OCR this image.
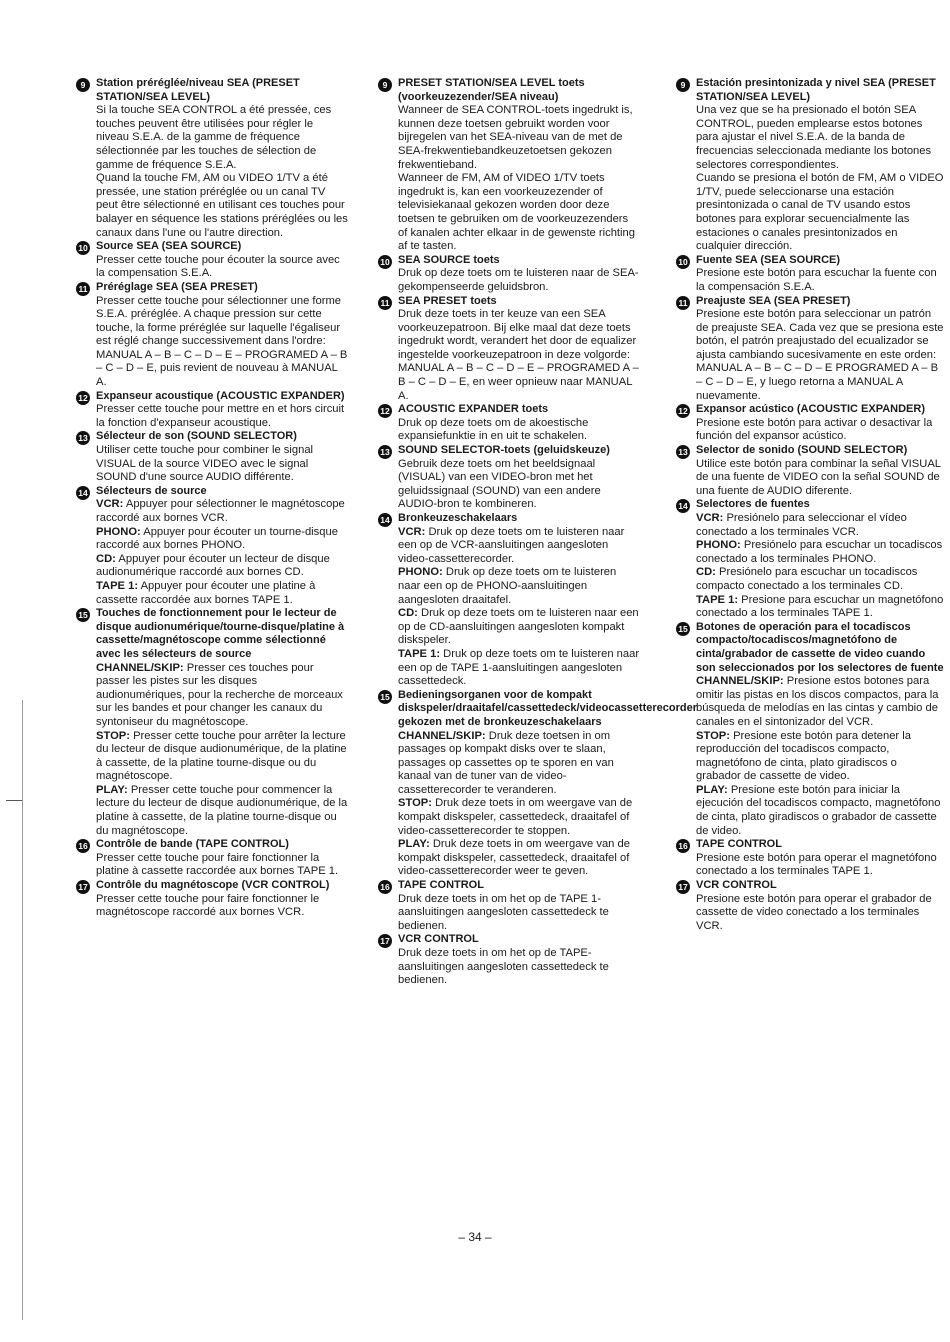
9 Station préréglée/niveau SEA (PRESET STATION/SEA LEVEL)
Si la touche SEA CONTROL a été pressée, ces touches peuvent être utilisées pour régler le niveau S.E.A. de la gamme de fréquence sélectionnée par les touches de sélection de gamme de fréquence S.E.A.
Quand la touche FM, AM ou VIDEO 1/TV a été pressée, une station préréglée ou un canal TV peut être sélectionné en utilisant ces touches pour balayer en séquence les stations préréglées ou les canaux dans l'une ou l'autre direction.
10 Source SEA (SEA SOURCE)
Presser cette touche pour écouter la source avec la compensation S.E.A.
11 Préréglage SEA (SEA PRESET)
Presser cette touche pour sélectionner une forme S.E.A. préréglée. A chaque pression sur cette touche, la forme préréglée sur laquelle l'égaliseur est réglé change successivement dans l'ordre: MANUAL A – B – C – D – E – PROGRAMED A – B – C – D – E, puis revient de nouveau à MANUAL A.
12 Expanseur acoustique (ACOUSTIC EXPANDER)
Presser cette touche pour mettre en et hors circuit la fonction d'expanseur acoustique.
13 Sélecteur de son (SOUND SELECTOR)
Utiliser cette touche pour combiner le signal VISUAL de la source VIDEO avec le signal SOUND d'une source AUDIO différente.
14 Sélecteurs de source
VCR: Appuyer pour sélectionner le magnétoscope raccordé aux bornes VCR.
PHONO: Appuyer pour écouter un tourne-disque raccordé aux bornes PHONO.
CD: Appuyer pour écouter un lecteur de disque audionumérique raccordé aux bornes CD.
TAPE 1: Appuyer pour écouter une platine à cassette raccordée aux bornes TAPE 1.
15 Touches de fonctionnement pour le lecteur de disque audionumérique/tourne-disque/platine à cassette/magnétoscope comme sélectionné avec les sélecteurs de source
CHANNEL/SKIP: Presser ces touches pour passer les pistes sur les disques audionumériques, pour la recherche de morceaux sur les bandes et pour changer les canaux du syntoniseur du magnétoscope.
STOP: Presser cette touche pour arrêter la lecture du lecteur de disque audionumérique, de la platine à cassette, de la platine tourne-disque ou du magnétoscope.
PLAY: Presser cette touche pour commencer la lecture du lecteur de disque audionumérique, de la platine à cassette, de la platine tourne-disque ou du magnétoscope.
16 Contrôle de bande (TAPE CONTROL)
Presser cette touche pour faire fonctionner la platine à cassette raccordée aux bornes TAPE 1.
17 Contrôle du magnétoscope (VCR CONTROL)
Presser cette touche pour faire fonctionner le magnétoscope raccordé aux bornes VCR.
9 PRESET STATION/SEA LEVEL toets (voorkeuzezender/SEA niveau)
Wanneer de SEA CONTROL-toets ingedrukt is, kunnen deze toetsen gebruikt worden voor bijregelen van het SEA-niveau van de met de SEA-frekwentiebandkeuzetoetsen gekozen frekwentieband.
Wanneer de FM, AM of VIDEO 1/TV toets ingedrukt is, kan een voorkeuzezender of televisiekanaal gekozen worden door deze toetsen te gebruiken om de voorkeuzezenders of kanalen achter elkaar in de gewenste richting af te tasten.
10 SEA SOURCE toets
Druk op deze toets om te luisteren naar de SEA-gekompenseerde geluidsbron.
11 SEA PRESET toets
Druk deze toets in ter keuze van een SEA voorkeuzepatroon. Bij elke maal dat deze toets ingedrukt wordt, verandert het door de equalizer ingestelde voorkeuzepatroon in deze volgorde: MANUAL A – B – C – D – E – PROGRAMED A – B – C – D – E, en weer opnieuw naar MANUAL A.
12 ACOUSTIC EXPANDER toets
Druk op deze toets om de akoestische expansiefunktie in en uit te schakelen.
13 SOUND SELECTOR-toets (geluidskeuze)
Gebruik deze toets om het beeldsignaal (VISUAL) van een VIDEO-bron met het geluidssignaal (SOUND) van een andere AUDIO-bron te kombineren.
14 Bronkeuzeschakelaars
VCR: Druk op deze toets om te luisteren naar een op de VCR-aansluitingen aangesloten video-cassetterecorder.
PHONO: Druk op deze toets om te luisteren naar een op de PHONO-aansluitingen aangesloten draaitafel.
CD: Druk op deze toets om te luisteren naar een op de CD-aansluitingen aangesloten kompakt diskspeler.
TAPE 1: Druk op deze toets om te luisteren naar een op de TAPE 1-aansluitingen aangesloten cassettedeck.
15 Bedieningsorganen voor de kompakt diskspeler/draaitafel/cassettedeck/videocassetterecorder gekozen met de bronkeuzeschakelaars
CHANNEL/SKIP: Druk deze toetsen in om passages op kompakt disks over te slaan, passages op cassettes op te sporen en van kanaal van de tuner van de video-cassetterecorder te veranderen.
STOP: Druk deze toets in om weergave van de kompakt diskspeler, cassettedeck, draaitafel of video-cassetterecorder te stoppen.
PLAY: Druk deze toets in om weergave van de kompakt diskspeler, cassettedeck, draaitafel of video-cassetterecorder weer te geven.
16 TAPE CONTROL
Druk deze toets in om het op de TAPE 1-aansluitingen aangesloten cassettedeck te bedienen.
17 VCR CONTROL
Druk deze toets in om het op de TAPE-aansluitingen aangesloten cassettedeck te bedienen.
9 Estación presintonizada y nivel SEA (PRESET STATION/SEA LEVEL)
Una vez que se ha presionado el botón SEA CONTROL, pueden emplearse estos botones para ajustar el nivel S.E.A. de la banda de frecuencias seleccionada mediante los botones selectores correspondientes.
Cuando se presiona el botón de FM, AM o VIDEO 1/TV, puede seleccionarse una estación presintonizada o canal de TV usando estos botones para explorar secuencialmente las estaciones o canales presintonizados en cualquier dirección.
10 Fuente SEA (SEA SOURCE)
Presione este botón para escuchar la fuente con la compensación S.E.A.
11 Preajuste SEA (SEA PRESET)
Presione este botón para seleccionar un patrón de preajuste SEA. Cada vez que se presiona este botón, el patrón preajustado del ecualizador se ajusta cambiando sucesivamente en este orden: MANUAL A – B – C – D – E PROGRAMED A – B – C – D – E, y luego retorna a MANUAL A nuevamente.
12 Expansor acústico (ACOUSTIC EXPANDER)
Presione este botón para activar o desactivar la función del expansor acústico.
13 Selector de sonido (SOUND SELECTOR)
Utilice este botón para combinar la señal VISUAL de una fuente de VIDEO con la señal SOUND de una fuente de AUDIO diferente.
14 Selectores de fuentes
VCR: Presiónelo para seleccionar el vídeo conectado a los terminales VCR.
PHONO: Presiónelo para escuchar un tocadiscos conectado a los terminales PHONO.
CD: Presiónelo para escuchar un tocadiscos compacto conectado a los terminales CD.
TAPE 1: Presione para escuchar un magnetófono conectado a los terminales TAPE 1.
15 Botones de operación para el tocadiscos compacto/tocadiscos/magnetófono de cinta/grabador de cassette de video cuando son seleccionados por los selectores de fuente
CHANNEL/SKIP: Presione estos botones para omitir las pistas en los discos compactos, para la búsqueda de melodías en las cintas y cambio de canales en el sintonizador del VCR.
STOP: Presione este botón para detener la reproducción del tocadiscos compacto, magnetófono de cinta, plato giradiscos o grabador de cassette de video.
PLAY: Presione este botón para iniciar la ejecución del tocadiscos compacto, magnetófono de cinta, plato giradiscos o grabador de cassette de video.
16 TAPE CONTROL
Presione este botón para operar el magnetófono conectado a los terminales TAPE 1.
17 VCR CONTROL
Presione este botón para operar el grabador de cassette de video conectado a los terminales VCR.
– 34 –
